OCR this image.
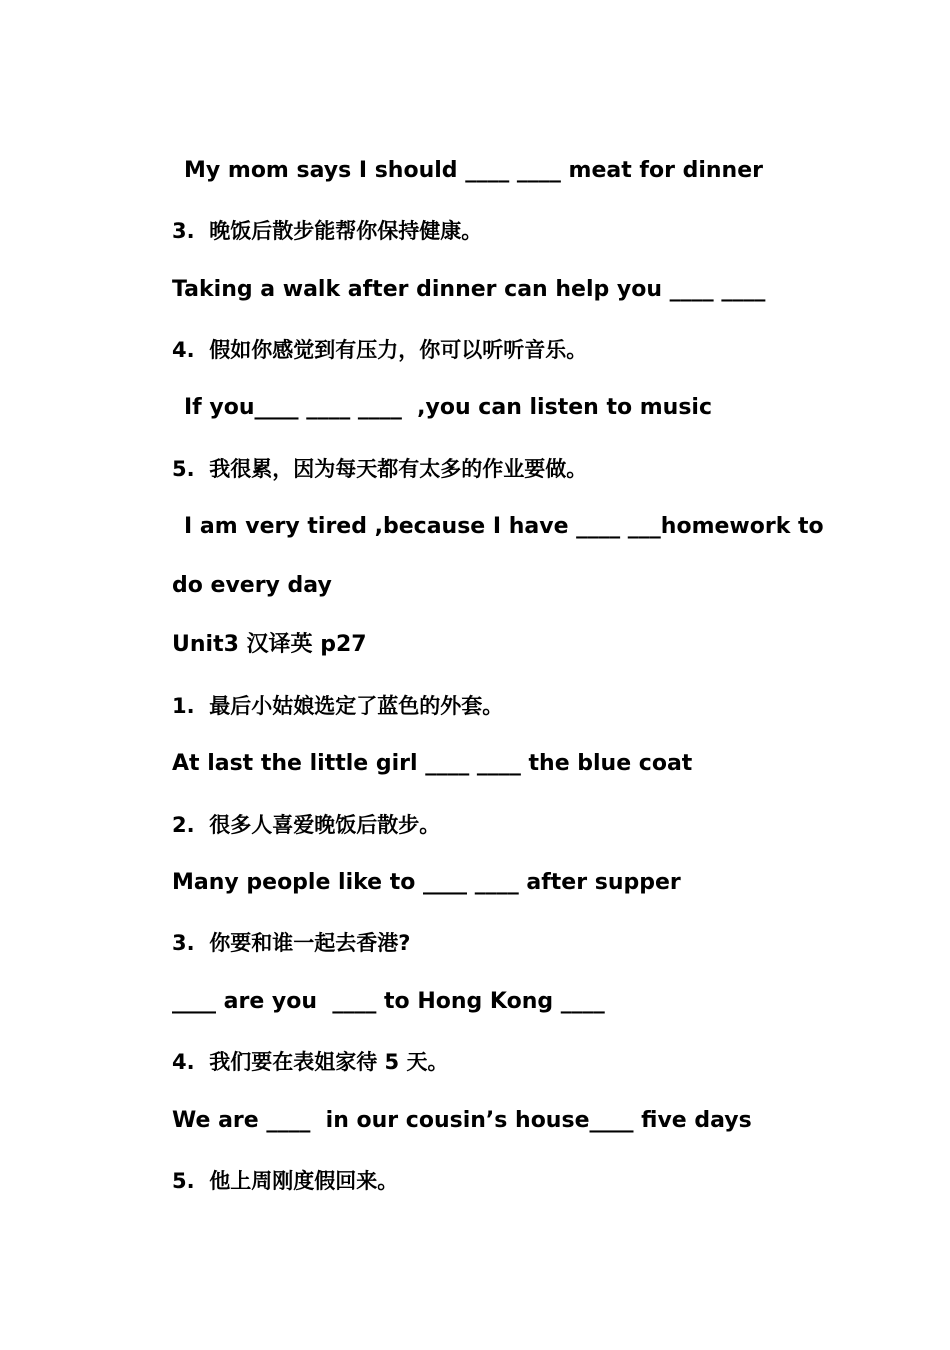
My mom says I should ____ ____ meat for dinner
3.  晚饭后散步能帮你保持健康。
Taking a walk after dinner can help you ____ ____
4.  假如你感觉到有压力，你可以听听音乐。
If you____ ____ ____  ,you can listen to music
5.  我很累，因为每天都有太多的作业要做。
I am very tired ,because I have ____ ___homework to
do every day
Unit3 汉译英 p27
1.  最后小姑娘选定了蓝色的外套。
At last the little girl ____ ____ the blue coat
2.  很多人喜爱晚饭后散步。
Many people like to ____ ____ after supper
3.  你要和谁一起去香港?
____ are you  ____ to Hong Kong ____
4.  我们要在表姐家待 5 天。
We are ____  in our cousin’s house____ five days
5.  他上周刚度假回来。
